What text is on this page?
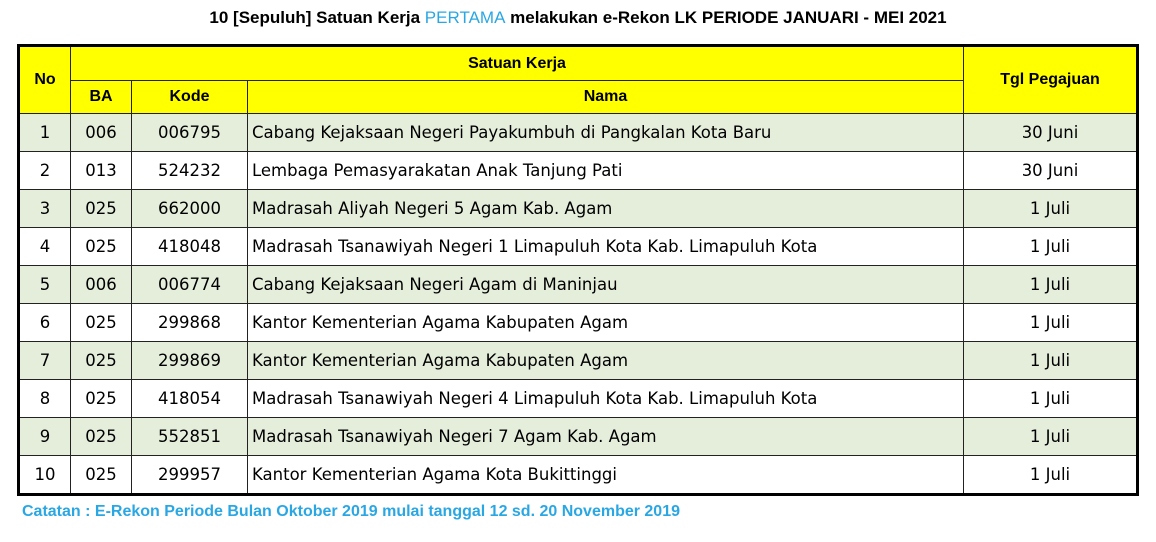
10 [Sepuluh] Satuan Kerja PERTAMA melakukan e-Rekon LK PERIODE JANUARI - MEI 2021
No	Satuan Kerja			Tgl Pegajuan
	BA	Kode	Nama	
1	006	006795	Cabang Kejaksaan Negeri Payakumbuh di Pangkalan Kota Baru	30 Juni
2	013	524232	Lembaga Pemasyarakatan Anak Tanjung Pati	30 Juni
3	025	662000	Madrasah Aliyah Negeri 5 Agam Kab. Agam	1 Juli
4	025	418048	Madrasah Tsanawiyah Negeri 1 Limapuluh Kota Kab. Limapuluh Kota	1 Juli
5	006	006774	Cabang Kejaksaan Negeri Agam di Maninjau	1 Juli
6	025	299868	Kantor Kementerian Agama Kabupaten Agam	1 Juli
7	025	299869	Kantor Kementerian Agama Kabupaten Agam	1 Juli
8	025	418054	Madrasah Tsanawiyah Negeri 4 Limapuluh Kota Kab. Limapuluh Kota	1 Juli
9	025	552851	Madrasah Tsanawiyah Negeri 7 Agam Kab. Agam	1 Juli
10	025	299957	Kantor Kementerian Agama Kota Bukittinggi	1 Juli
Catatan : E-Rekon Periode Bulan Oktober 2019 mulai tanggal 12 sd. 20 November 2019
